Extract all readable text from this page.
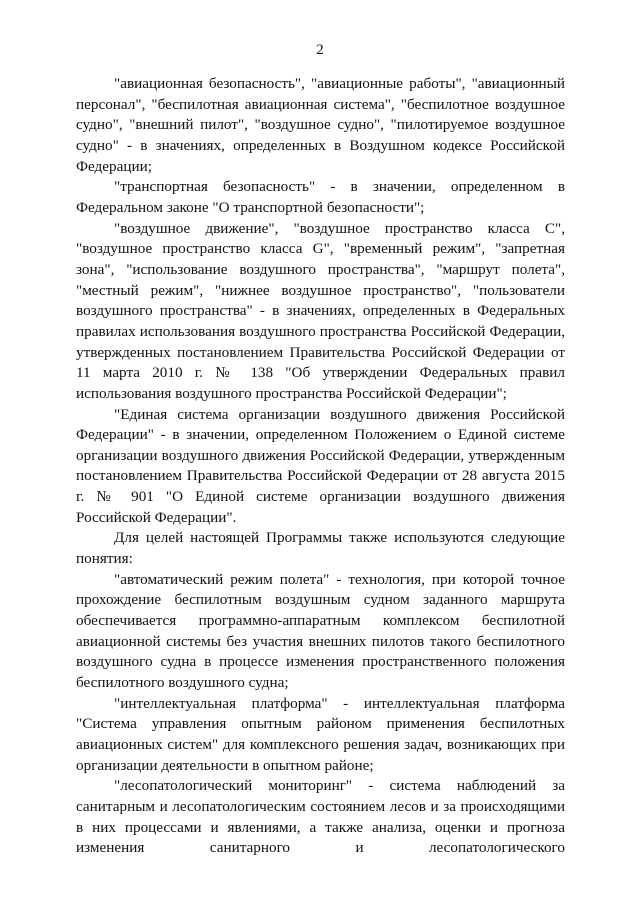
2

"авиационная безопасность", "авиационные работы", "авиационный персонал", "беспилотная авиационная система", "беспилотное воздушное судно", "внешний пилот", "воздушное судно", "пилотируемое воздушное судно" - в значениях, определенных в Воздушном кодексе Российской Федерации;

"транспортная безопасность" - в значении, определенном в Федеральном законе "О транспортной безопасности";

"воздушное движение", "воздушное пространство класса C", "воздушное пространство класса G", "временный режим", "запретная зона", "использование воздушного пространства", "маршрут полета", "местный режим", "нижнее воздушное пространство", "пользователи воздушного пространства" - в значениях, определенных в Федеральных правилах использования воздушного пространства Российской Федерации, утвержденных постановлением Правительства Российской Федерации от 11 марта 2010 г. № 138 "Об утверждении Федеральных правил использования воздушного пространства Российской Федерации";

"Единая система организации воздушного движения Российской Федерации" - в значении, определенном Положением о Единой системе организации воздушного движения Российской Федерации, утвержденным постановлением Правительства Российской Федерации от 28 августа 2015 г. № 901 "О Единой системе организации воздушного движения Российской Федерации".

Для целей настоящей Программы также используются следующие понятия:

"автоматический режим полета" - технология, при которой точное прохождение беспилотным воздушным судном заданного маршрута обеспечивается программно-аппаратным комплексом беспилотной авиационной системы без участия внешних пилотов такого беспилотного воздушного судна в процессе изменения пространственного положения беспилотного воздушного судна;

"интеллектуальная платформа" - интеллектуальная платформа "Система управления опытным районом применения беспилотных авиационных систем" для комплексного решения задач, возникающих при организации деятельности в опытном районе;

"лесопатологический мониторинг" - система наблюдений за санитарным и лесопатологическим состоянием лесов и за происходящими в них процессами и явлениями, а также анализа, оценки и прогноза изменения санитарного и лесопатологического
